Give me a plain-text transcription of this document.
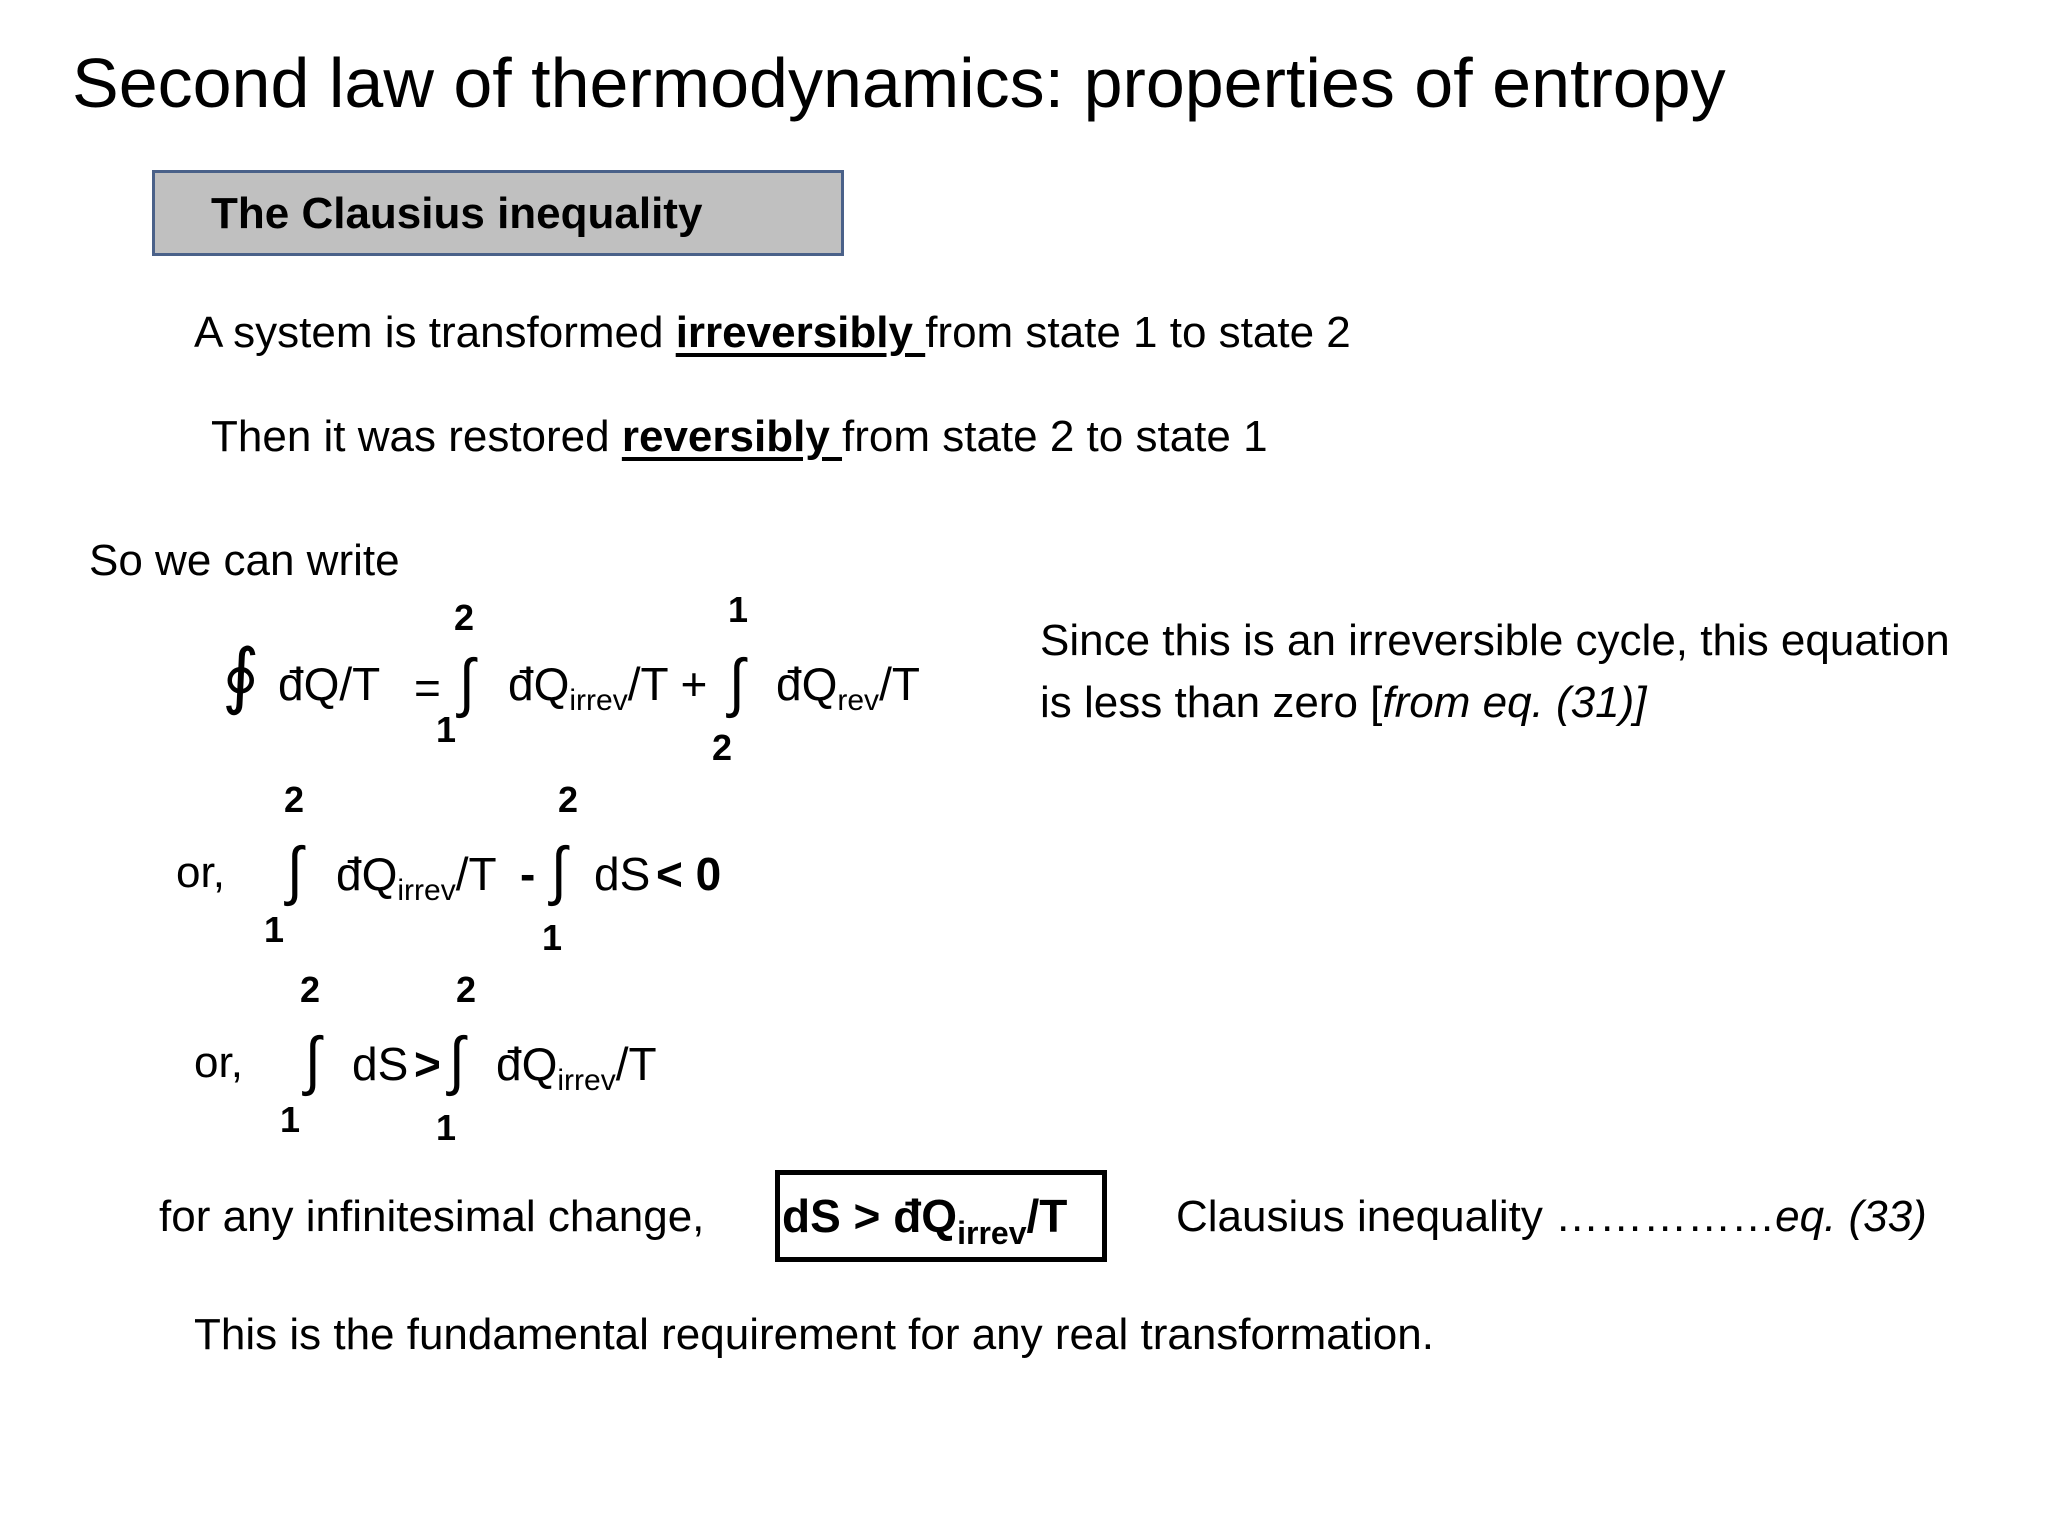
Second law of thermodynamics: properties of entropy
The Clausius inequality
A system is transformed irreversibly from state 1 to state 2
Then it was restored reversibly from state 2 to state 1
So we can write
∮ đQ/T =
2
∫
1
$đQ_{irrev}/T$ +
1
∫
2
$đQ_{rev}/T$
Since this is an irreversible cycle, this equation
is less than zero [from eq. (31)]
or,
2
∫
1
$đQ_{irrev}/T$ -
2
∫
1
dS < 0
or,
2
∫
1
dS >
2
∫
1
$đQ_{irrev}/T$
for any infinitesimal change, dS > $đQ_{irrev}/T$ Clausius inequality ……………eq. (33)
This is the fundamental requirement for any real transformation.
